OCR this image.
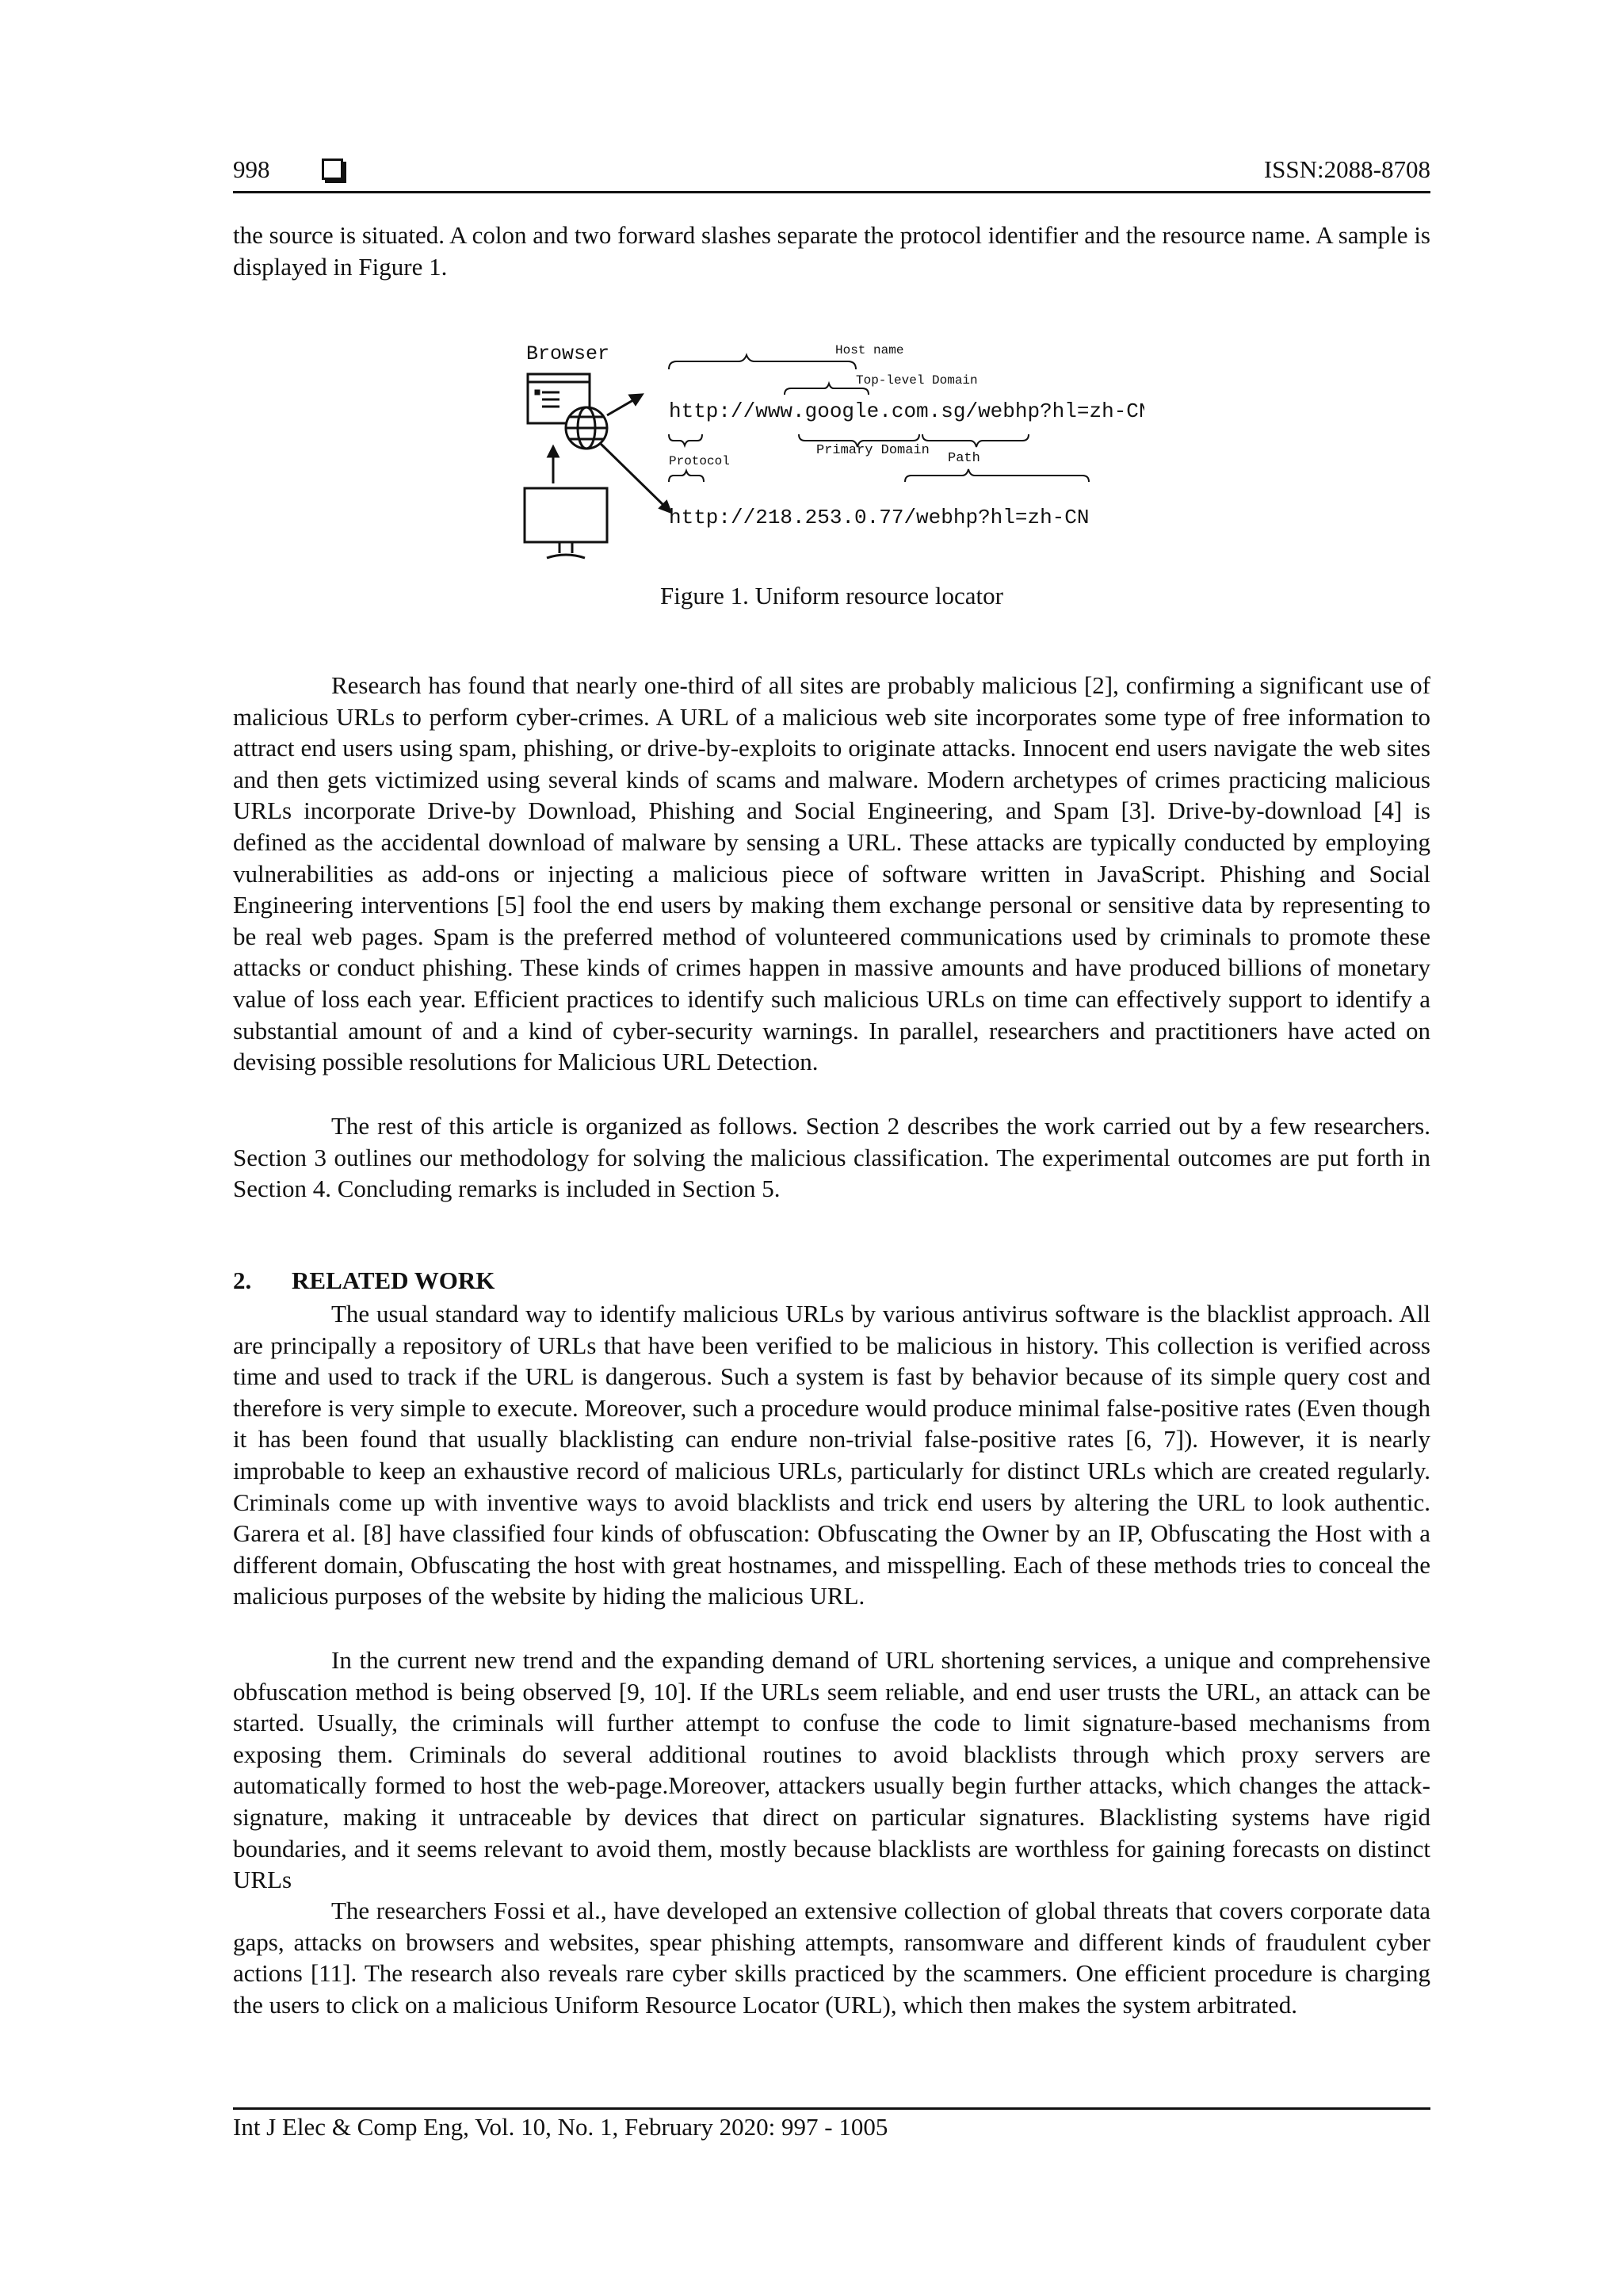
998	ISSN:2088-8708

the source is situated. A colon and two forward slashes separate the protocol identifier and the resource name. A sample is displayed in Figure 1.

Browser	Host name
Top-level Domain
http://www.google.com.sg/webhp?hl=zh-CN
Primary Domain
Path
Protocol
http://218.253.0.77/webhp?hl=zh-CN

Figure 1. Uniform resource locator

Research has found that nearly one-third of all sites are probably malicious [2], confirming a significant use of malicious URLs to perform cyber-crimes. A URL of a malicious web site incorporates some type of free information to attract end users using spam, phishing, or drive-by-exploits to originate attacks. Innocent end users navigate the web sites and then gets victimized using several kinds of scams and malware. Modern archetypes of crimes practicing malicious URLs incorporate Drive-by Download, Phishing and Social Engineering, and Spam [3]. Drive-by-download [4] is defined as the accidental download of malware by sensing a URL. These attacks are typically conducted by employing vulnerabilities as add-ons or injecting a malicious piece of software written in JavaScript. Phishing and Social Engineering interventions [5] fool the end users by making them exchange personal or sensitive data by representing to be real web pages. Spam is the preferred method of volunteered communications used by criminals to promote these attacks or conduct phishing. These kinds of crimes happen in massive amounts and have produced billions of monetary value of loss each year. Efficient practices to identify such malicious URLs on time can effectively support to identify a substantial amount of and a kind of cyber-security warnings. In parallel, researchers and practitioners have acted on devising possible resolutions for Malicious URL Detection.

The rest of this article is organized as follows. Section 2 describes the work carried out by a few researchers. Section 3 outlines our methodology for solving the malicious classification. The experimental outcomes are put forth in Section 4. Concluding remarks is included in Section 5.

2. RELATED WORK

The usual standard way to identify malicious URLs by various antivirus software is the blacklist approach. All are principally a repository of URLs that have been verified to be malicious in history. This collection is verified across time and used to track if the URL is dangerous. Such a system is fast by behavior because of its simple query cost and therefore is very simple to execute. Moreover, such a procedure would produce minimal false-positive rates (Even though it has been found that usually blacklisting can endure non-trivial false-positive rates [6, 7]). However, it is nearly improbable to keep an exhaustive record of malicious URLs, particularly for distinct URLs which are created regularly. Criminals come up with inventive ways to avoid blacklists and trick end users by altering the URL to look authentic. Garera et al. [8] have classified four kinds of obfuscation: Obfuscating the Owner by an IP, Obfuscating the Host with a different domain, Obfuscating the host with great hostnames, and misspelling. Each of these methods tries to conceal the malicious purposes of the website by hiding the malicious URL.

In the current new trend and the expanding demand of URL shortening services, a unique and comprehensive obfuscation method is being observed [9, 10]. If the URLs seem reliable, and end user trusts the URL, an attack can be started. Usually, the criminals will further attempt to confuse the code to limit signature-based mechanisms from exposing them. Criminals do several additional routines to avoid blacklists through which proxy servers are automatically formed to host the web-page.Moreover, attackers usually begin further attacks, which changes the attack-signature, making it untraceable by devices that direct on particular signatures. Blacklisting systems have rigid boundaries, and it seems relevant to avoid them, mostly because blacklists are worthless for gaining forecasts on distinct URLs

The researchers Fossi et al., have developed an extensive collection of global threats that covers corporate data gaps, attacks on browsers and websites, spear phishing attempts, ransomware and different kinds of fraudulent cyber actions [11]. The research also reveals rare cyber skills practiced by the scammers. One efficient procedure is charging the users to click on a malicious Uniform Resource Locator (URL), which then makes the system arbitrated.

Int J Elec & Comp Eng, Vol. 10, No. 1, February 2020: 997 - 1005
